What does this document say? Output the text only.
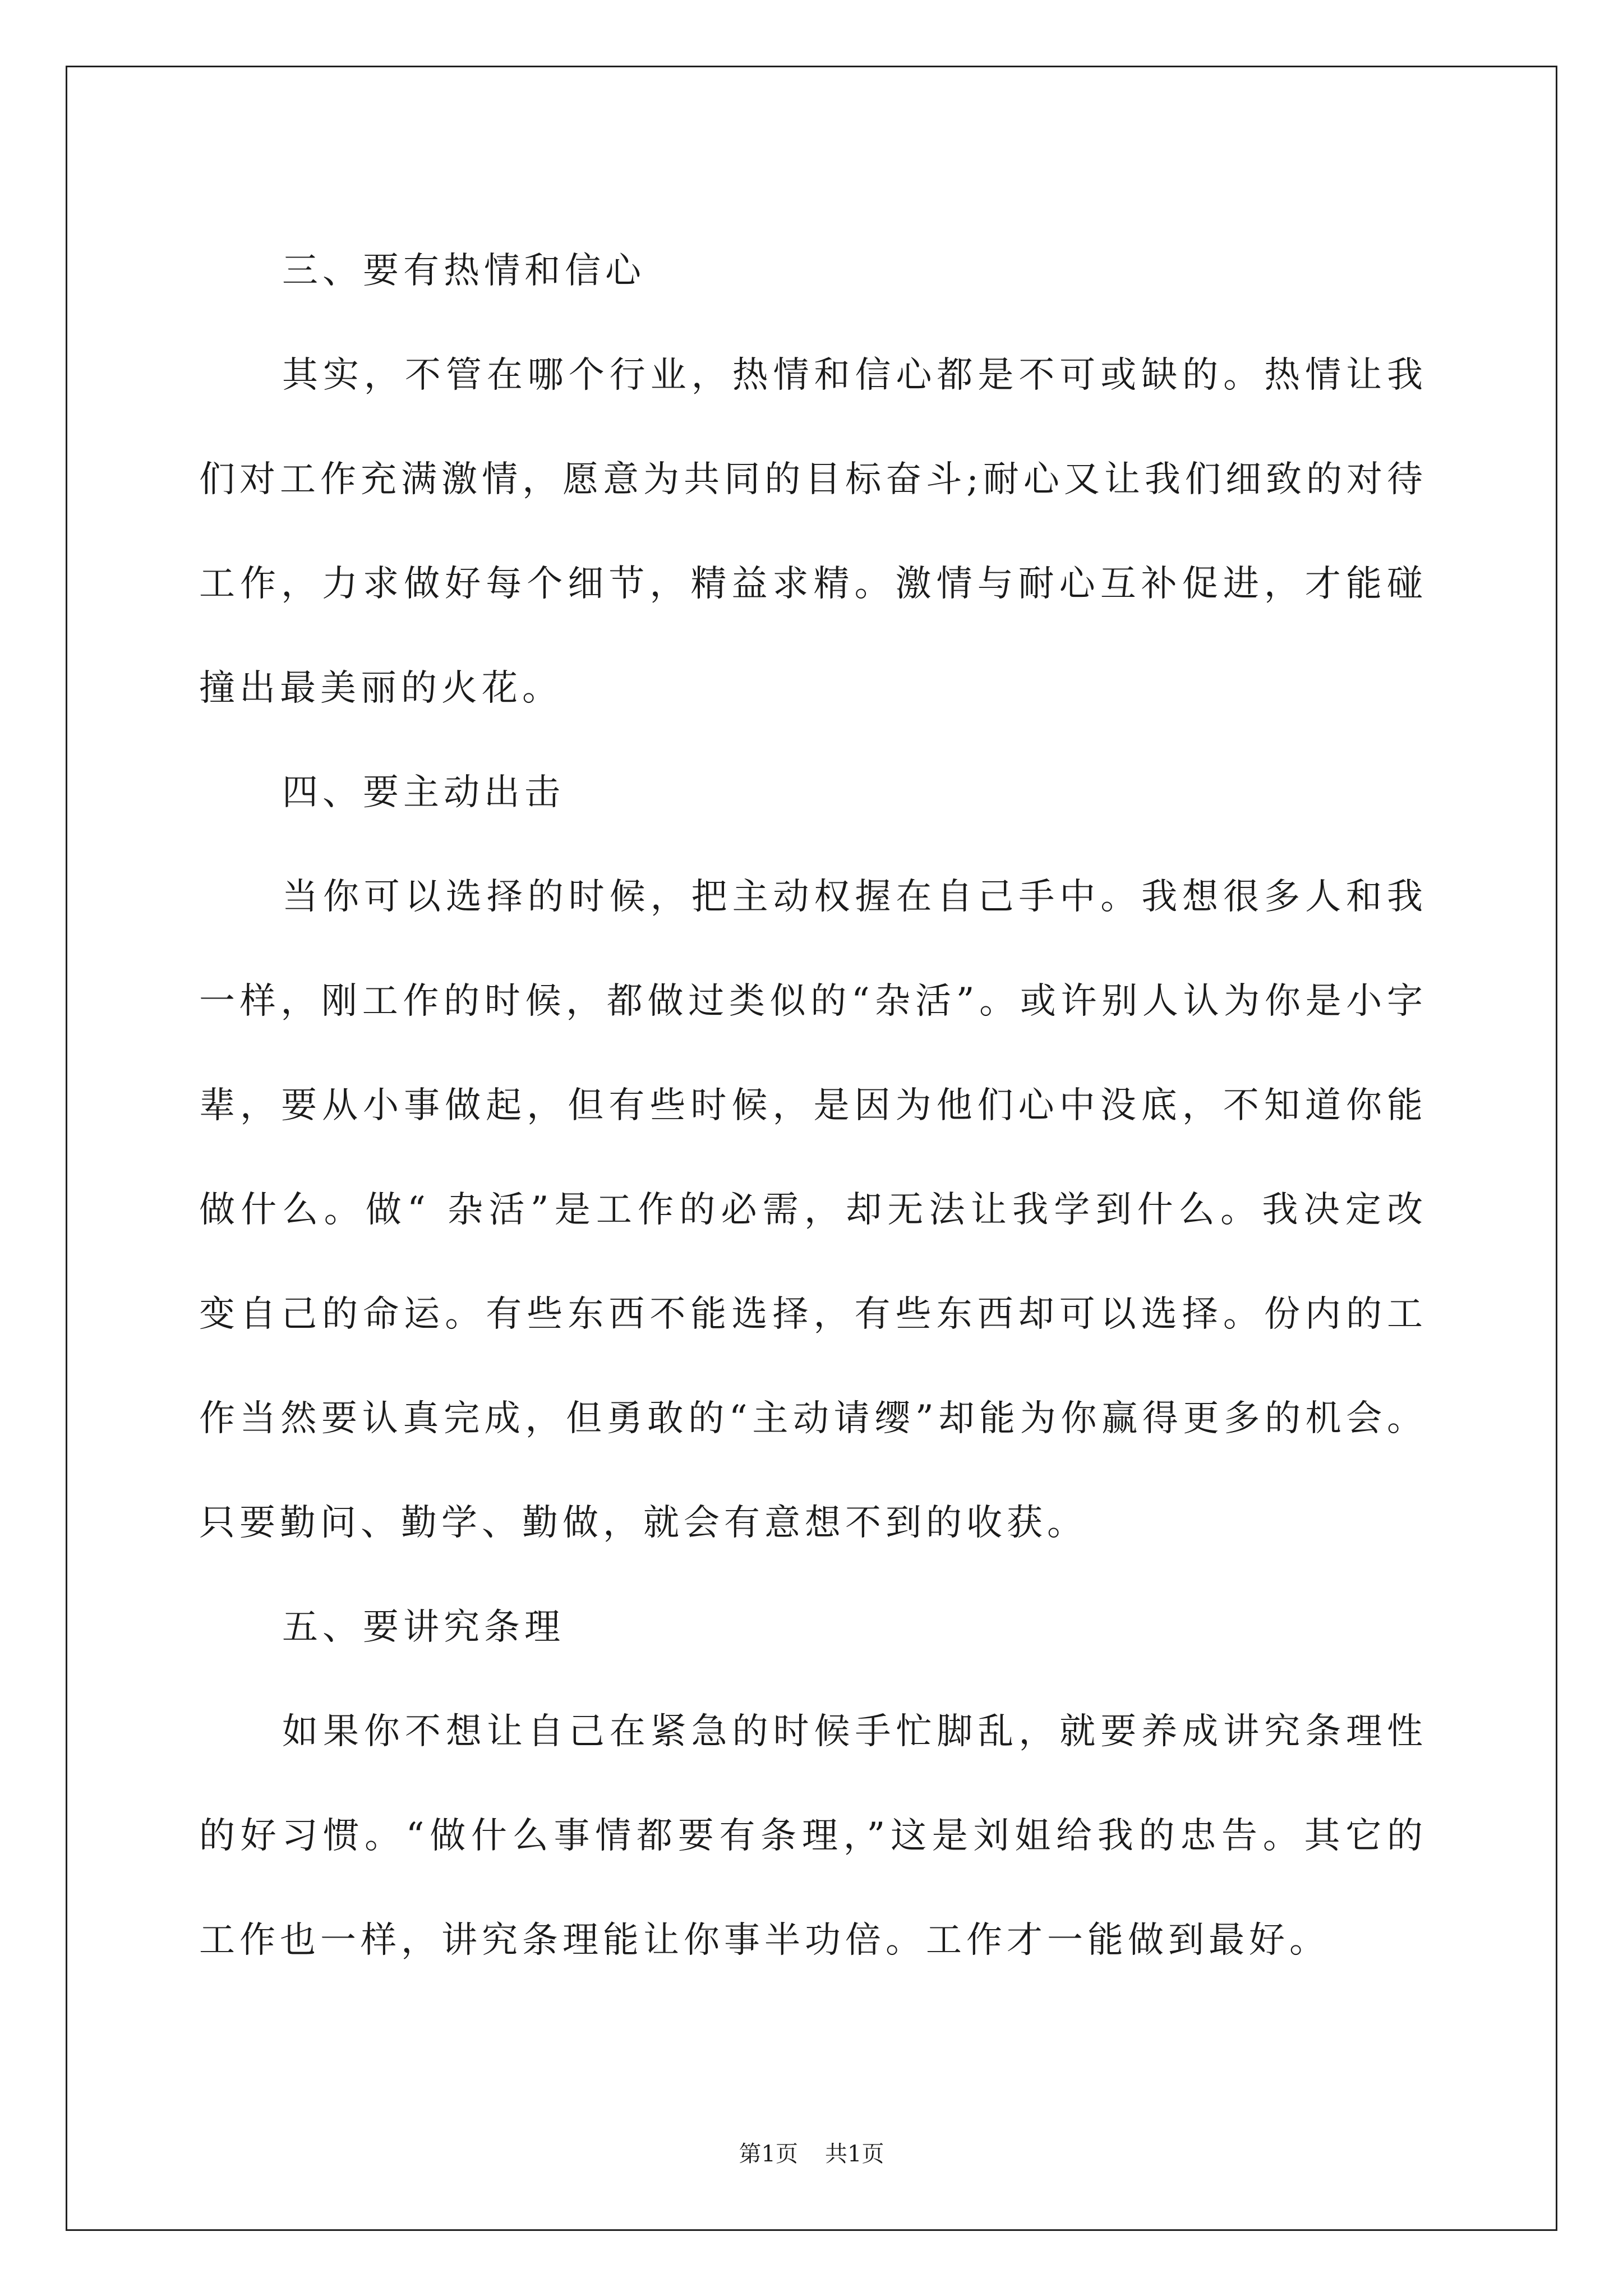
三、要有热情和信心

其实，不管在哪个行业，热情和信心都是不可或缺的。热情让我们对工作充满激情，愿意为共同的目标奋斗;耐心又让我们细致的对待工作，力求做好每个细节，精益求精。激情与耐心互补促进，才能碰撞出最美丽的火花。

四、要主动出击

当你可以选择的时候，把主动权握在自己手中。我想很多人和我一样，刚工作的时候，都做过类似的“杂活”。或许别人认为你是小字辈，要从小事做起，但有些时候，是因为他们心中没底，不知道你能做什么。做“ 杂活”是工作的必需，却无法让我学到什么。我决定改变自己的命运。有些东西不能选择，有些东西却可以选择。份内的工作当然要认真完成，但勇敢的“主动请缨”却能为你赢得更多的机会。只要勤问、勤学、勤做，就会有意想不到的收获。

五、要讲究条理

如果你不想让自己在紧急的时候手忙脚乱，就要养成讲究条理性的好习惯。“做什么事情都要有条理，”这是刘姐给我的忠告。其它的工作也一样，讲究条理能让你事半功倍。工作才一能做到最好。

第1页 共1页
